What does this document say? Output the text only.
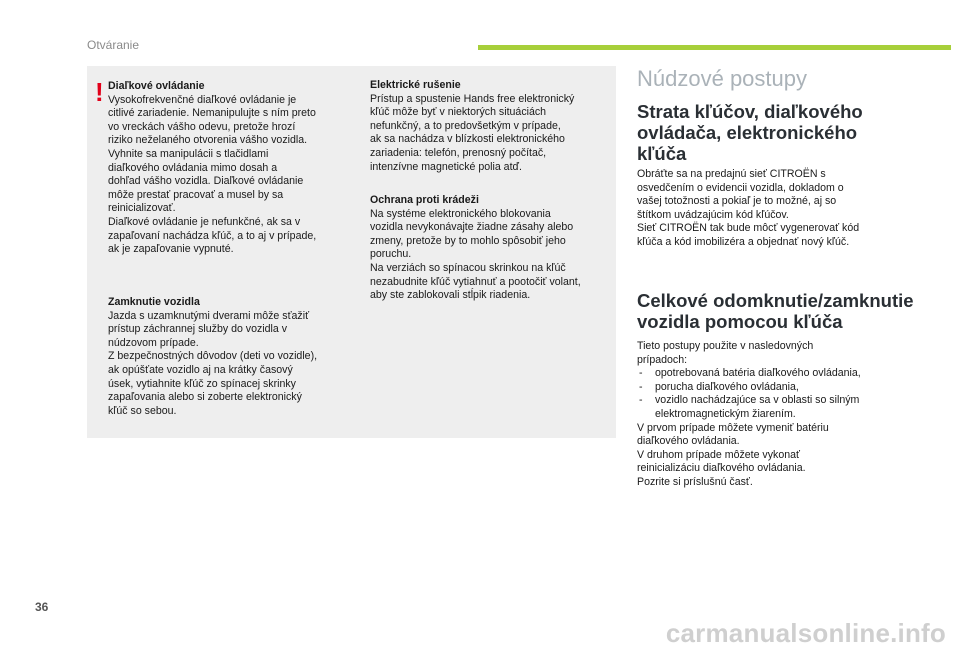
Otváranie
! Diaľkové ovládanie

Vysokofrekvenčné diaľkové ovládanie je
citlivé zariadenie. Nemanipulujte s ním preto
vo vreckách vášho odevu, pretože hrozí
riziko neželaného otvorenia vášho vozidla.
Vyhnite sa manipulácii s tlačidlami
diaľkového ovládania mimo dosah a
dohľad vášho vozidla. Diaľkové ovládanie
môže prestať pracovať a musel by sa
reinicializovať.
Diaľkové ovládanie je nefunkčné, ak sa v
zapaľovaní nachádza kľúč, a to aj v prípade,
ak je zapaľovanie vypnuté.

Zamknutie vozidla

Jazda s uzamknutými dverami môže sťažiť
prístup záchrannej služby do vozidla v
núdzovom prípade.
Z bezpečnostných dôvodov (deti vo vozidle),
ak opúšťate vozidlo aj na krátky časový
úsek, vytiahnite kľúč zo spínacej skrinky
zapaľovania alebo si zoberte elektronický
kľúč so sebou.

Elektrické rušenie

Prístup a spustenie Hands free elektronický
kľúč môže byť v niektorých situáciách
nefunkčný, a to predovšetkým v prípade,
ak sa nachádza v blízkosti elektronického
zariadenia: telefón, prenosný počítač,
intenzívne magnetické polia atď.

Ochrana proti krádeži

Na systéme elektronického blokovania
vozidla nevykonávajte žiadne zásahy alebo
zmeny, pretože by to mohlo spôsobiť jeho
poruchu.
Na verziách so spínacou skrinkou na kľúč
nezabudnite kľúč vytiahnuť a pootočiť volant,
aby ste zablokovali stĺpik riadenia.

Núdzové postupy
Strata kľúčov, diaľkového ovládača, elektronického kľúča

Obráťte sa na predajnú sieť CITROËN s
osvedčením o evidencii vozidla, dokladom o
vašej totožnosti a pokiaľ je to možné, aj so
štítkom uvádzajúcim kód kľúčov.
Sieť CITROËN tak bude môcť vygenerovať kód
kľúča a kód imobilizéra a objednať nový kľúč.

Celkové odomknutie/zamknutie vozidla pomocou kľúča

Tieto postupy použite v nasledovných
prípadoch:

- opotrebovaná batéria diaľkového ovládania,
- porucha diaľkového ovládania,
- vozidlo nachádzajúce sa v oblasti so silným
elektromagnetickým žiarením.

V prvom prípade môžete vymeniť batériu
diaľkového ovládania.
V druhom prípade môžete vykonať
reinicializáciu diaľkového ovládania.
Pozrite si príslušnú časť.

36
carmanualsonline.info
